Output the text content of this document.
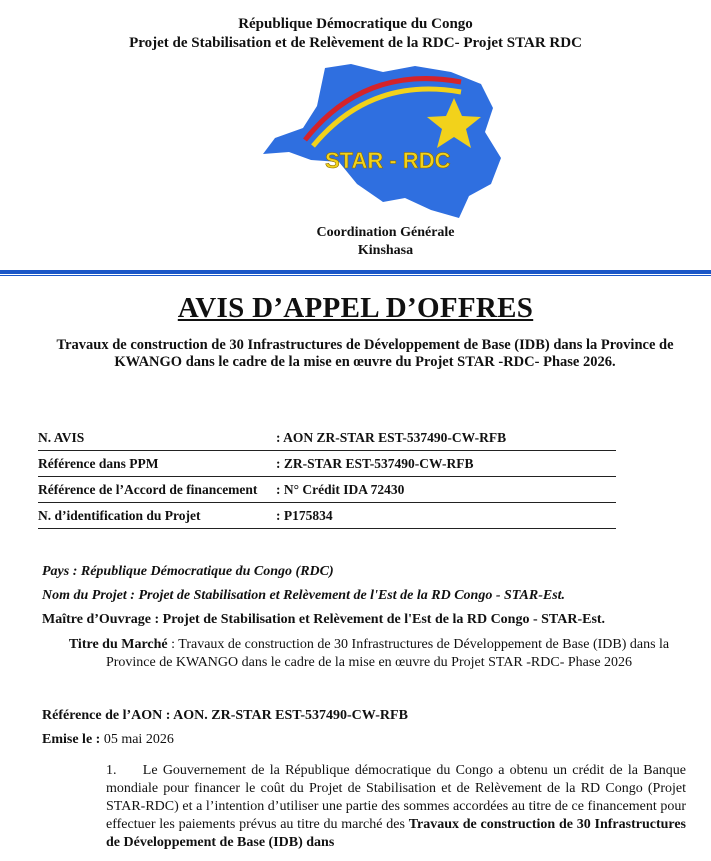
République Démocratique du Congo
Projet de Stabilisation et de Relèvement de la RDC- Projet STAR RDC
STAR - RDC
Coordination Générale
Kinshasa
AVIS D’APPEL D’OFFRES
Travaux de construction de 30 Infrastructures de Développement de Base (IDB) dans la Province de KWANGO dans le cadre de la mise en œuvre du Projet STAR -RDC- Phase 2026.
N. AVIS	: AON ZR-STAR EST-537490-CW-RFB
Référence dans PPM	: ZR-STAR EST-537490-CW-RFB
Référence de l’Accord de financement	: N° Crédit IDA 72430
N. d’identification du Projet	: P175834
Pays : République Démocratique du Congo (RDC)
Nom du Projet : Projet de Stabilisation et Relèvement de l'Est de la RD Congo - STAR-Est.
Maître d’Ouvrage : Projet de Stabilisation et Relèvement de l'Est de la RD Congo - STAR-Est.
Titre du Marché : Travaux de construction de 30 Infrastructures de Développement de Base (IDB) dans la Province de KWANGO dans le cadre de la mise en œuvre du Projet STAR -RDC- Phase 2026
Référence de l’AON : AON. ZR-STAR EST-537490-CW-RFB
Emise le : 05 mai 2026
1. Le Gouvernement de la République démocratique du Congo a obtenu un crédit de la Banque mondiale pour financer le coût du Projet de Stabilisation et de Relèvement de la RD Congo (Projet STAR-RDC) et a l’intention d’utiliser une partie des sommes accordées au titre de ce financement pour effectuer les paiements prévus au titre du marché des Travaux de construction de 30 Infrastructures de Développement de Base (IDB) dans
